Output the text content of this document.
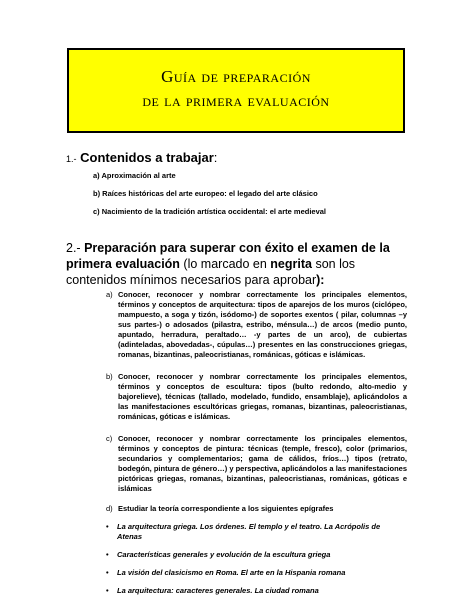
Guía de preparación
de la primera evaluación
1.- Contenidos a trabajar:
a) Aproximación al arte
b) Raíces históricas del arte europeo: el legado del arte clásico
c) Nacimiento de la tradición artística occidental: el arte medieval
2.- Preparación para superar con éxito el examen de la primera evaluación (lo marcado en negrita son los contenidos mínimos necesarios para aprobar):
a) Conocer, reconocer y nombrar correctamente los principales elementos, términos y conceptos de arquitectura: tipos de aparejos de los muros (ciclópeo, mampuesto, a soga y tizón, isódomo-) de soportes exentos ( pilar, columnas –y sus partes-) o adosados (pilastra, estribo, ménsula…) de arcos (medio punto, apuntado, herradura, peraltado… -y partes de un arco), de cubiertas (adinteladas, abovedadas-, cúpulas…) presentes en las construcciones griegas, romanas, bizantinas, paleocristianas, románicas, góticas e islámicas.
b) Conocer, reconocer y nombrar correctamente los principales elementos, términos y conceptos de escultura: tipos (bulto redondo, alto-medio y bajorelieve), técnicas (tallado, modelado, fundido, ensamblaje), aplicándolos a las manifestaciones escultóricas griegas, romanas, bizantinas, paleocristianas, románicas, góticas e islámicas.
c) Conocer, reconocer y nombrar correctamente los principales elementos, términos y conceptos de pintura: técnicas (temple, fresco), color (primarios, secundarios y complementarios; gama de cálidos, fríos…) tipos (retrato, bodegón, pintura de género…) y perspectiva, aplicándolos a las manifestaciones pictóricas griegas, romanas, bizantinas, paleocristianas, románicas, góticas e islámicas
d) Estudiar la teoría correspondiente a los siguientes epígrafes
• La arquitectura griega. Los órdenes. El templo y el teatro. La Acrópolis de Atenas
• Características generales y evolución de la escultura griega
• La visión del clasicismo en Roma. El arte en la Hispania romana
• La arquitectura: caracteres generales. La ciudad romana
